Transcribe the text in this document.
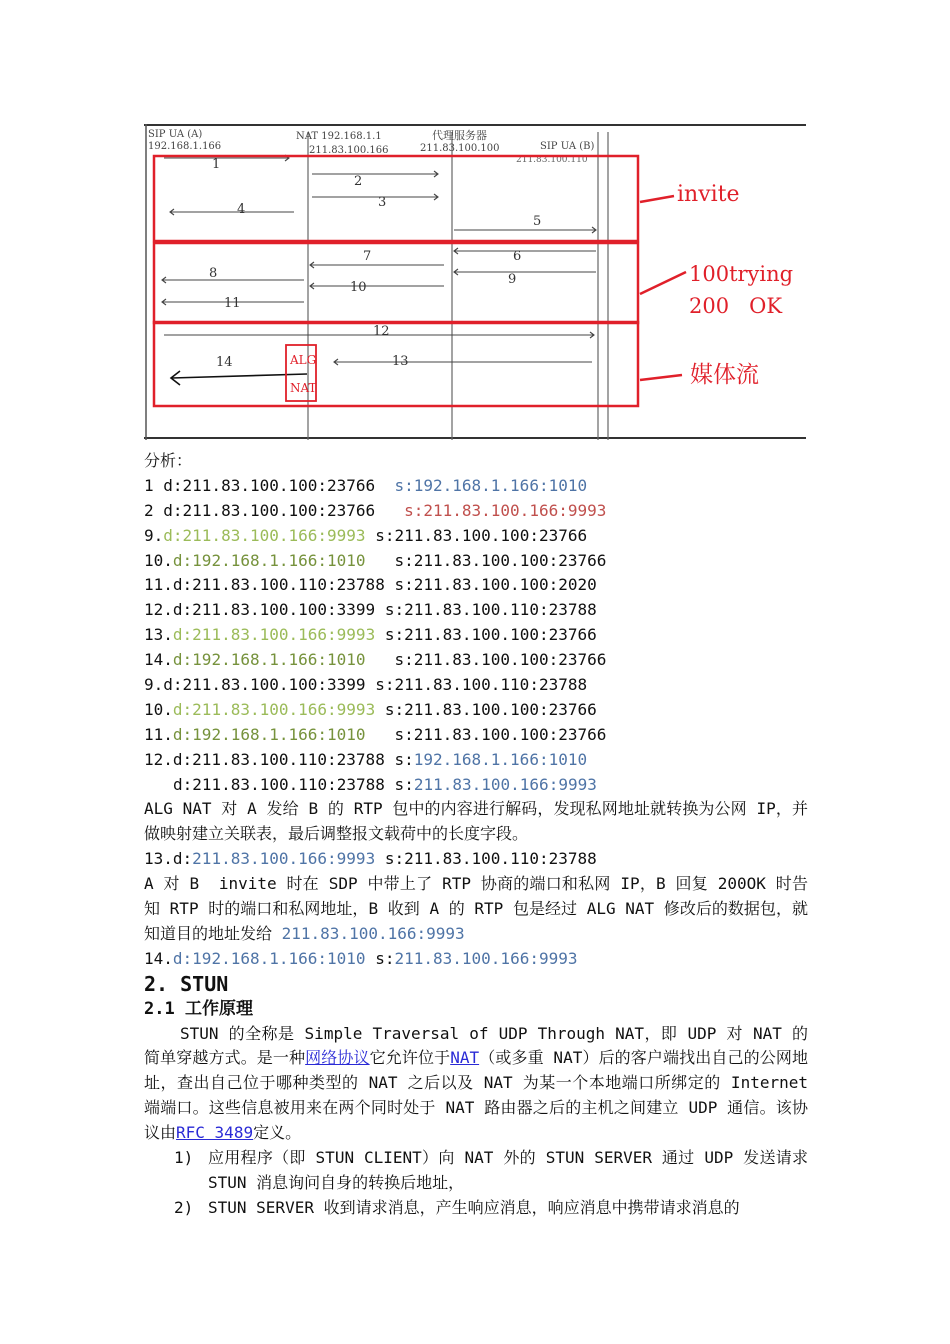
SIP UA (A)
192.168.1.166
NAT 192.168.1.1
211.83.100.166
代理服务器
211.83.100.100	SIP UA (B)
211.83.100.110
1
2
3
4
5
6
7
8	9
10
11
12
13
14	ALG
NAT
invite
100trying
200   OK
媒体流
分析：
1 d:211.83.100.100:23766  s:192.168.1.166:1010
2 d:211.83.100.100:23766   s:211.83.100.166:9993
9.d:211.83.100.166:9993 s:211.83.100.100:23766
10.d:192.168.1.166:1010   s:211.83.100.100:23766
11.d:211.83.100.110:23788 s:211.83.100.100:2020
12.d:211.83.100.100:3399 s:211.83.100.110:23788
13.d:211.83.100.166:9993 s:211.83.100.100:23766
14.d:192.168.1.166:1010   s:211.83.100.100:23766
9.d:211.83.100.100:3399 s:211.83.100.110:23788
10.d:211.83.100.166:9993 s:211.83.100.100:23766
11.d:192.168.1.166:1010   s:211.83.100.100:23766
12.d:211.83.100.110:23788 s:192.168.1.166:1010
d:211.83.100.110:23788 s:211.83.100.166:9993
ALG NAT 对 A 发给 B 的 RTP 包中的内容进行解码，发现私网地址就转换为公网 IP，并做映射建立关联表，最后调整报文载荷中的长度字段。
13.d:211.83.100.166:9993 s:211.83.100.110:23788
A 对 B  invite 时在 SDP 中带上了 RTP 协商的端口和私网 IP，B 回复 200OK 时告知 RTP 时的端口和私网地址，B 收到 A 的 RTP 包是经过 ALG NAT 修改后的数据包，就知道目的地址发给 211.83.100.166:9993
14.d:192.168.1.166:1010 s:211.83.100.166:9993
2. STUN
2.1 工作原理
STUN 的全称是 Simple Traversal of UDP Through NAT，即 UDP 对 NAT 的简单穿越方式。是一种网络协议它允许位于NAT（或多重 NAT）后的客户端找出自己的公网地址，查出自己位于哪种类型的 NAT 之后以及 NAT 为某一个本地端口所绑定的 Internet 端端口。这些信息被用来在两个同时处于 NAT 路由器之后的主机之间建立 UDP 通信。该协议由RFC 3489定义。
1) 应用程序（即 STUN CLIENT）向 NAT 外的 STUN SERVER 通过 UDP 发送请求 STUN 消息询问自身的转换后地址，
2) STUN SERVER 收到请求消息，产生响应消息，响应消息中携带请求消息的
